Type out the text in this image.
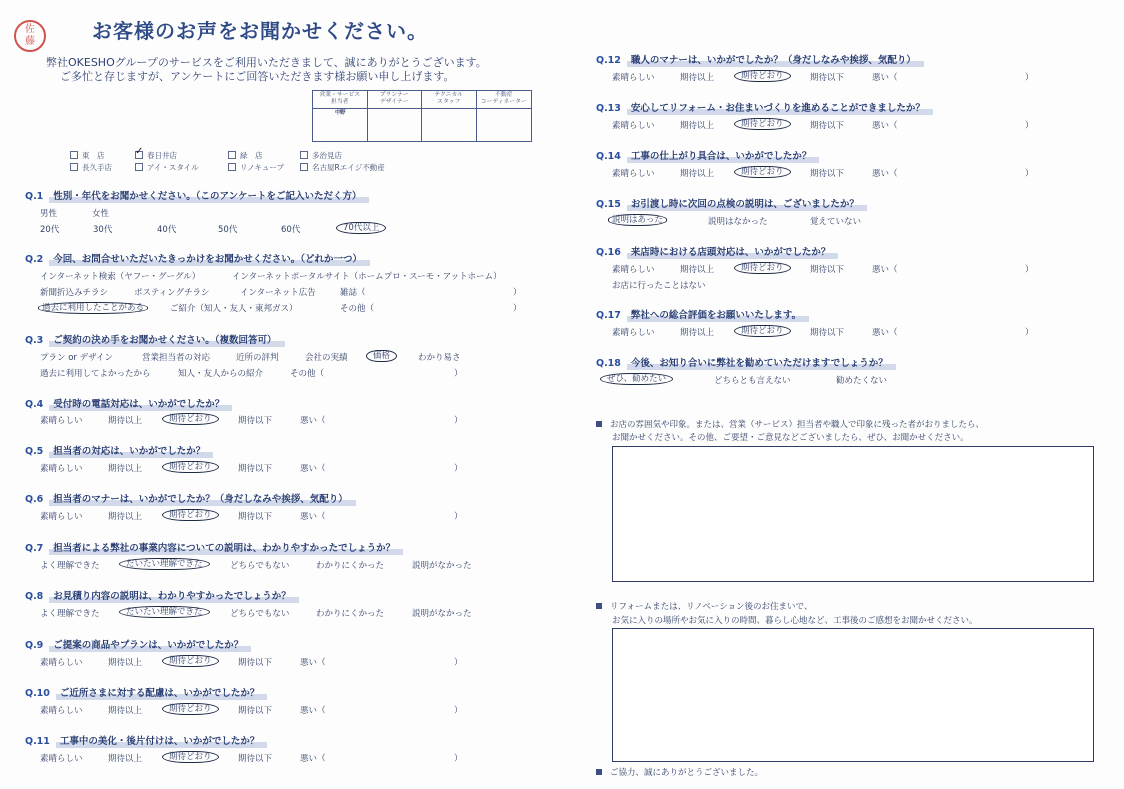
佐
藤	お客様のお声をお聞かせください。
弊社OKESHOグループのサービスをご利用いただきまして、誠にありがとうございます。
ご多忙と存じますが、アンケートにご回答いただきます様お願い申し上げます。
営業・サービス
担当者
プランナー
デザイナー
テクニカル
スタッフ
不動産
コーディネーター
中野
東　店
✓	春日井店	緑　店	多治見店
長久手店	アイ・スタイル	リノキューブ	名古屋Rエイジ不動産
Q.1 性別・年代をお聞かせください。（このアンケートをご記入いただく方）
男性	女性
20代	30代	40代	50代	60代	70代以上
Q.2 今回、お問合せいただいたきっかけをお聞かせください。（どれか一つ）
インターネット検索（ヤフー・グーグル）	インターネットポータルサイト（ホームプロ・スーモ・アットホーム）
新聞折込みチラシ	ポスティングチラシ	インターネット広告	雑誌（	）
過去に利用したことがある	ご紹介（知人・友人・東邦ガス）	その他（	）
Q.3 ご契約の決め手をお聞かせください。（複数回答可）
プラン or デザイン	営業担当者の対応	近所の評判	会社の実績	価格	わかり易さ
過去に利用してよかったから	知人・友人からの紹介	その他（	）
Q.4 受付時の電話対応は、いかがでしたか？
素晴らしい	期待以上	期待どおり	期待以下	悪い（	）
Q.5 担当者の対応は、いかがでしたか？
素晴らしい	期待以上	期待どおり	期待以下	悪い（	）
Q.6 担当者のマナーは、いかがでしたか？（身だしなみや挨拶、気配り）
素晴らしい	期待以上	期待どおり	期待以下	悪い（	）
Q.7 担当者による弊社の事業内容についての説明は、わかりやすかったでしょうか？
よく理解できた	だいたい理解できた	どちらでもない	わかりにくかった	説明がなかった
Q.8 お見積り内容の説明は、わかりやすかったでしょうか？
よく理解できた	だいたい理解できた	どちらでもない	わかりにくかった	説明がなかった
Q.9 ご提案の商品やプランは、いかがでしたか？
素晴らしい	期待以上	期待どおり	期待以下	悪い（	）
Q.10 ご近所さまに対する配慮は、いかがでしたか？
素晴らしい	期待以上	期待どおり	期待以下	悪い（	）
Q.11 工事中の美化・後片付けは、いかがでしたか？
素晴らしい	期待以上	期待どおり	期待以下	悪い（	）
Q.12 職人のマナーは、いかがでしたか？（身だしなみや挨拶、気配り）
素晴らしい	期待以上	期待どおり	期待以下	悪い（	）
Q.13 安心してリフォーム・お住まいづくりを進めることができましたか？
素晴らしい	期待以上	期待どおり	期待以下	悪い（	）
Q.14 工事の仕上がり具合は、いかがでしたか？
素晴らしい	期待以上	期待どおり	期待以下	悪い（	）
Q.15 お引渡し時に次回の点検の説明は、ございましたか？
説明はあった	説明はなかった	覚えていない
Q.16 来店時における店頭対応は、いかがでしたか？
素晴らしい	期待以上	期待どおり	期待以下	悪い（	）
お店に行ったことはない
Q.17 弊社への総合評価をお願いいたします。
素晴らしい	期待以上	期待どおり	期待以下	悪い（	）
Q.18 今後、お知り合いに弊社を勧めていただけますでしょうか？
ぜひ、勧めたい	どちらとも言えない	勧めたくない
お店の雰囲気や印象。または、営業（サービス）担当者や職人で印象に残った者がおりましたら、
お聞かせください。その他、ご要望・ご意見などございましたら、ぜひ、お聞かせください。
リフォームまたは、リノベーション後のお住まいで、
お気に入りの場所やお気に入りの時間、暮らし心地など、工事後のご感想をお聞かせください。
ご協力、誠にありがとうございました。
